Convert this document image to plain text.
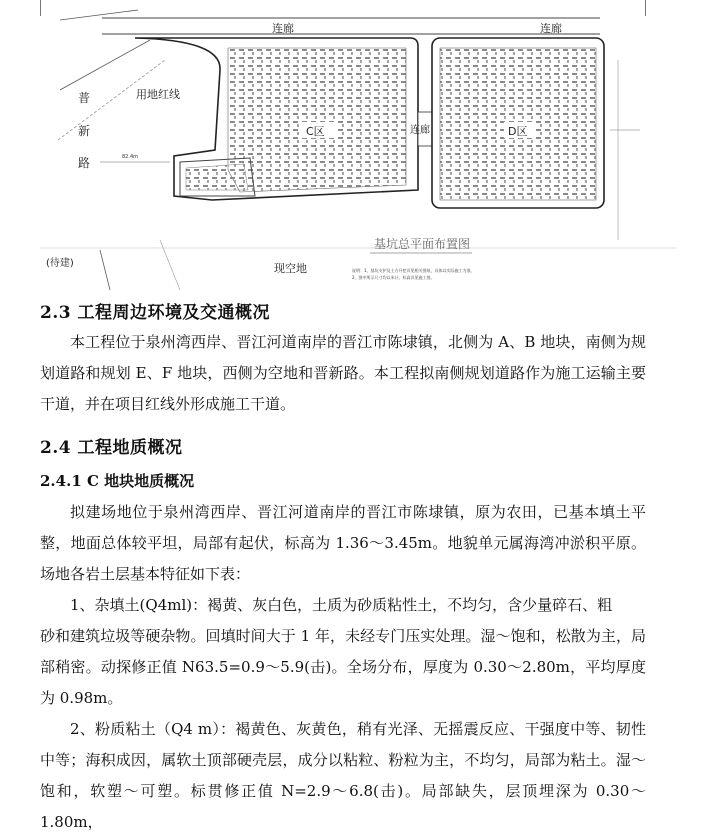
连廊	连廊
普
新
路
用地红线
82.4m
C区	连廊	D区
(待建)	现空地
基坑总平面布置图
说明：1、基坑支护及土方开挖详见相关图纸，具体以实际施工为准。
2、图中所示尺寸均以米计，标高详见施工图。
2.3 工程周边环境及交通概况

本工程位于泉州湾西岸、晋江河道南岸的晋江市陈埭镇，北侧为 A、B 地块，南侧为规划道路和规划 E、F 地块，西侧为空地和晋新路。本工程拟南侧规划道路作为施工运输主要干道，并在项目红线外形成施工干道。

2.4 工程地质概况
2.4.1 C 地块地质概况

拟建场地位于泉州湾西岸、晋江河道南岸的晋江市陈埭镇，原为农田，已基本填土平整，地面总体较平坦，局部有起伏，标高为 1.36～3.45m。地貌单元属海湾冲淤积平原。场地各岩土层基本特征如下表：

1、杂填土(Q4ml)：褐黄、灰白色，土质为砂质粘性土，不均匀，含少量碎石、粗

砂和建筑垃圾等硬杂物。回填时间大于 1 年，未经专门压实处理。湿～饱和，松散为主，局部稍密。动探修正值 N63.5=0.9～5.9(击)。全场分布，厚度为 0.30～2.80m，平均厚度为 0.98m。

2、粉质粘土（Q4 m）：褐黄色、灰黄色，稍有光泽、无摇震反应、干强度中等、韧性中等；海积成因，属软土顶部硬壳层，成分以粘粒、粉粒为主，不均匀，局部为粘土。湿～饱和，软塑～可塑。标贯修正值 N=2.9～6.8(击)。局部缺失，层顶埋深为 0.30～1.80m，
